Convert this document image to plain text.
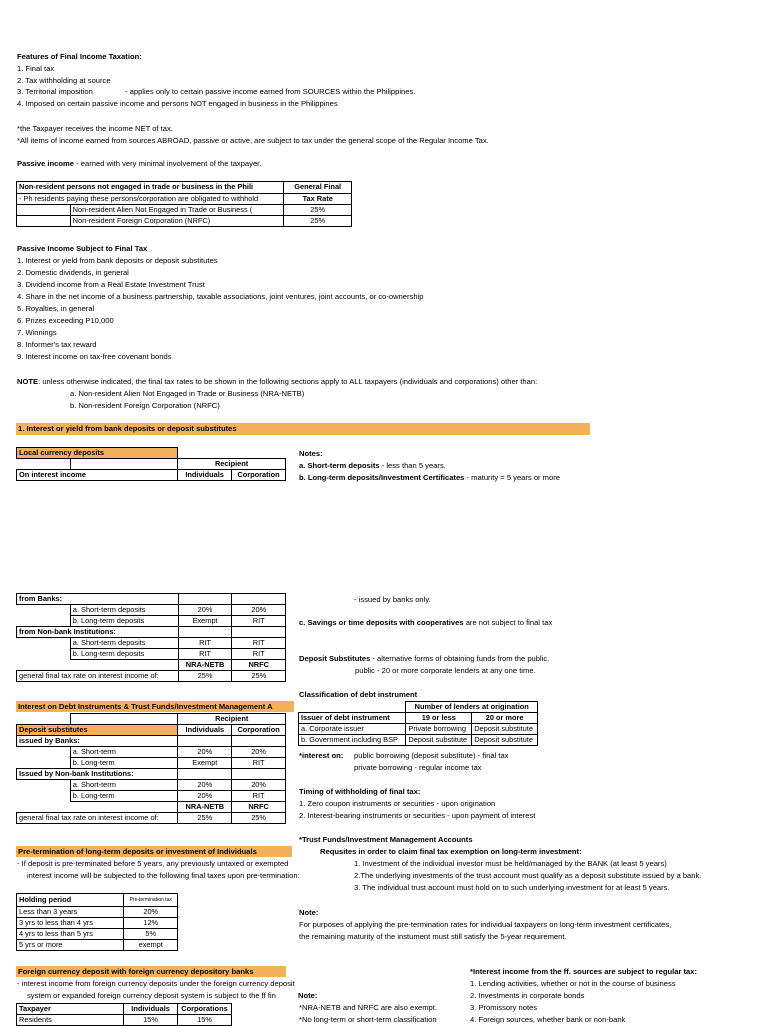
Features of Final Income Taxation:
1. Final tax
2. Tax withholding at source
3. Territorial imposition	- applies only to certain passive income earned from SOURCES within the Philippines.
4. Imposed on certain passive income and persons NOT engaged in business in the Philippines
*the Taxpayer receives the income NET of tax.
*All items of income earned from sources ABROAD, passive or active, are subject to tax under the general scope of the Regular Income Tax.
Passive income - earned with very minimal involvement of the taxpayer.
Non-resident persons not engaged in trade or business in the Phili		General Final
- Ph residents paying these persons/corporation are obligated to withhold		Tax Rate
	Non-resident Alien Not Engaged in Trade or Business (	25%
	Non-resident Foreign Corporation (NRFC)	25%
Passive Income Subject to Final Tax
1. Interest or yield from bank deposits or deposit substitutes
2. Domestic dividends, in general
3. Dividend income from a Real Estate Investment Trust
4. Share in the net income of a business partnership, taxable associations, joint ventures, joint accounts, or co-ownership
5. Royalties, in general
6. Prizes exceeding P10,000
7. Winnings
8. Informer's tax reward
9. Interest income on tax-free covenant bonds
NOTE: unless otherwise indicated, the final tax rates to be shown in the following sections apply to ALL taxpayers (individuals and corporations) other than:
a. Non-resident Alien Not Engaged in Trade or Business (NRA-NETB)
b. Non-resident Foreign Corporation (NRFC)
1. Interest or yield from bank deposits or deposit substitutes
Local currency deposits			
		Recipient	
On interest income		Individuals	Corporation
Notes:
a. Short-term deposits - less than 5 years.
b. Long-term deposits/Investment Certificates - maturity = 5 years or more
from Banks:			
	a. Short-term deposits	20%	20%
	b. Long-term deposits	Exempt	RIT
from Non-bank Institutions:			
	a. Short-term deposits	RIT	RIT
	b. Long-term deposits	RIT	RIT
		NRA-NETB	NRFC
general final tax rate on interest income of:		25%	25%
- issued by banks only.
c. Savings or time deposits with cooperatives are not subject to final tax
Deposit Substitutes - alternative forms of obtaining funds from the public.
public - 20 or more corporate lenders at any one time.
Classification of debt instrument
	Number of lenders at origination	
Issuer of debt instrument	19 or less	20 or more
a. Corporate issuer	Private borrowing	Deposit substitute
b. Government including BSP	Deposit substitute	Deposit substitute
*interest on: public borrowing (deposit substitute) - final tax
private borrowing - regular income tax
Interest on Debt Instruments & Trust Funds/Investment Management A
		Recipient	
Deposit substitutes		Individuals	Corporation
issued by Banks:			
	a. Short-term	20%	20%
	b. Long-term	Exempt	RIT
Issued by Non-bank Institutions:			
	a. Short-term	20%	20%
	b. Long-term	20%	RIT
		NRA-NETB	NRFC
general final tax rate on interest income of:		25%	25%
Timing of withholding of final tax:
1. Zero coupon instruments or securities - upon origination
2. Interest-bearing instruments or securities - upon payment of interest
*Trust Funds/Investment Management Accounts
Requsites in order to claim final tax exemption on long-term investment:
1. Investment of the individual investor must be held/managed by the BANK (at least 5 years)
2.The underlying investments of the trust account must qualify as a deposit substitute issued by a bank.
3. The individual trust account must hold on to such underlying investment for at least 5 years.
Pre-termination of long-term deposits or investment of Individuals
- If deposit is pre-terminated before 5 years, any previously untaxed or exempted
interest income will be subjected to the following final taxes upon pre-termination:
Holding period	Pre-termination tax
Less than 3 years	20%
3 yrs to less than 4 yrs	12%
4 yrs to less than 5 yrs	5%
5 yrs or more	exempt
Note:
For purposes of applying the pre-termination rates for individual taxpayers on long-term investment certificates,
the remaining maturity of the instument must still satisfy the 5-year requirement.
Foreign currency deposit with foreign currency depository banks
- interest income from foreign currency deposits under the foreign currency deposit
system or expanded foreign currency deposit system is subject to the ff fin	Note:
Taxpayer	Individuals	Corporations
Residents	15%	15%
*NRA-NETB and NRFC are also exempt.
*No long-term or short-term classification
*Interest income from the ff. sources are subject to regular tax:
1. Lending activities, whether or not in the course of business
2. Investments in corporate bonds
3. Promissory notes
4. Foreign sources, whether bank or non-bank
